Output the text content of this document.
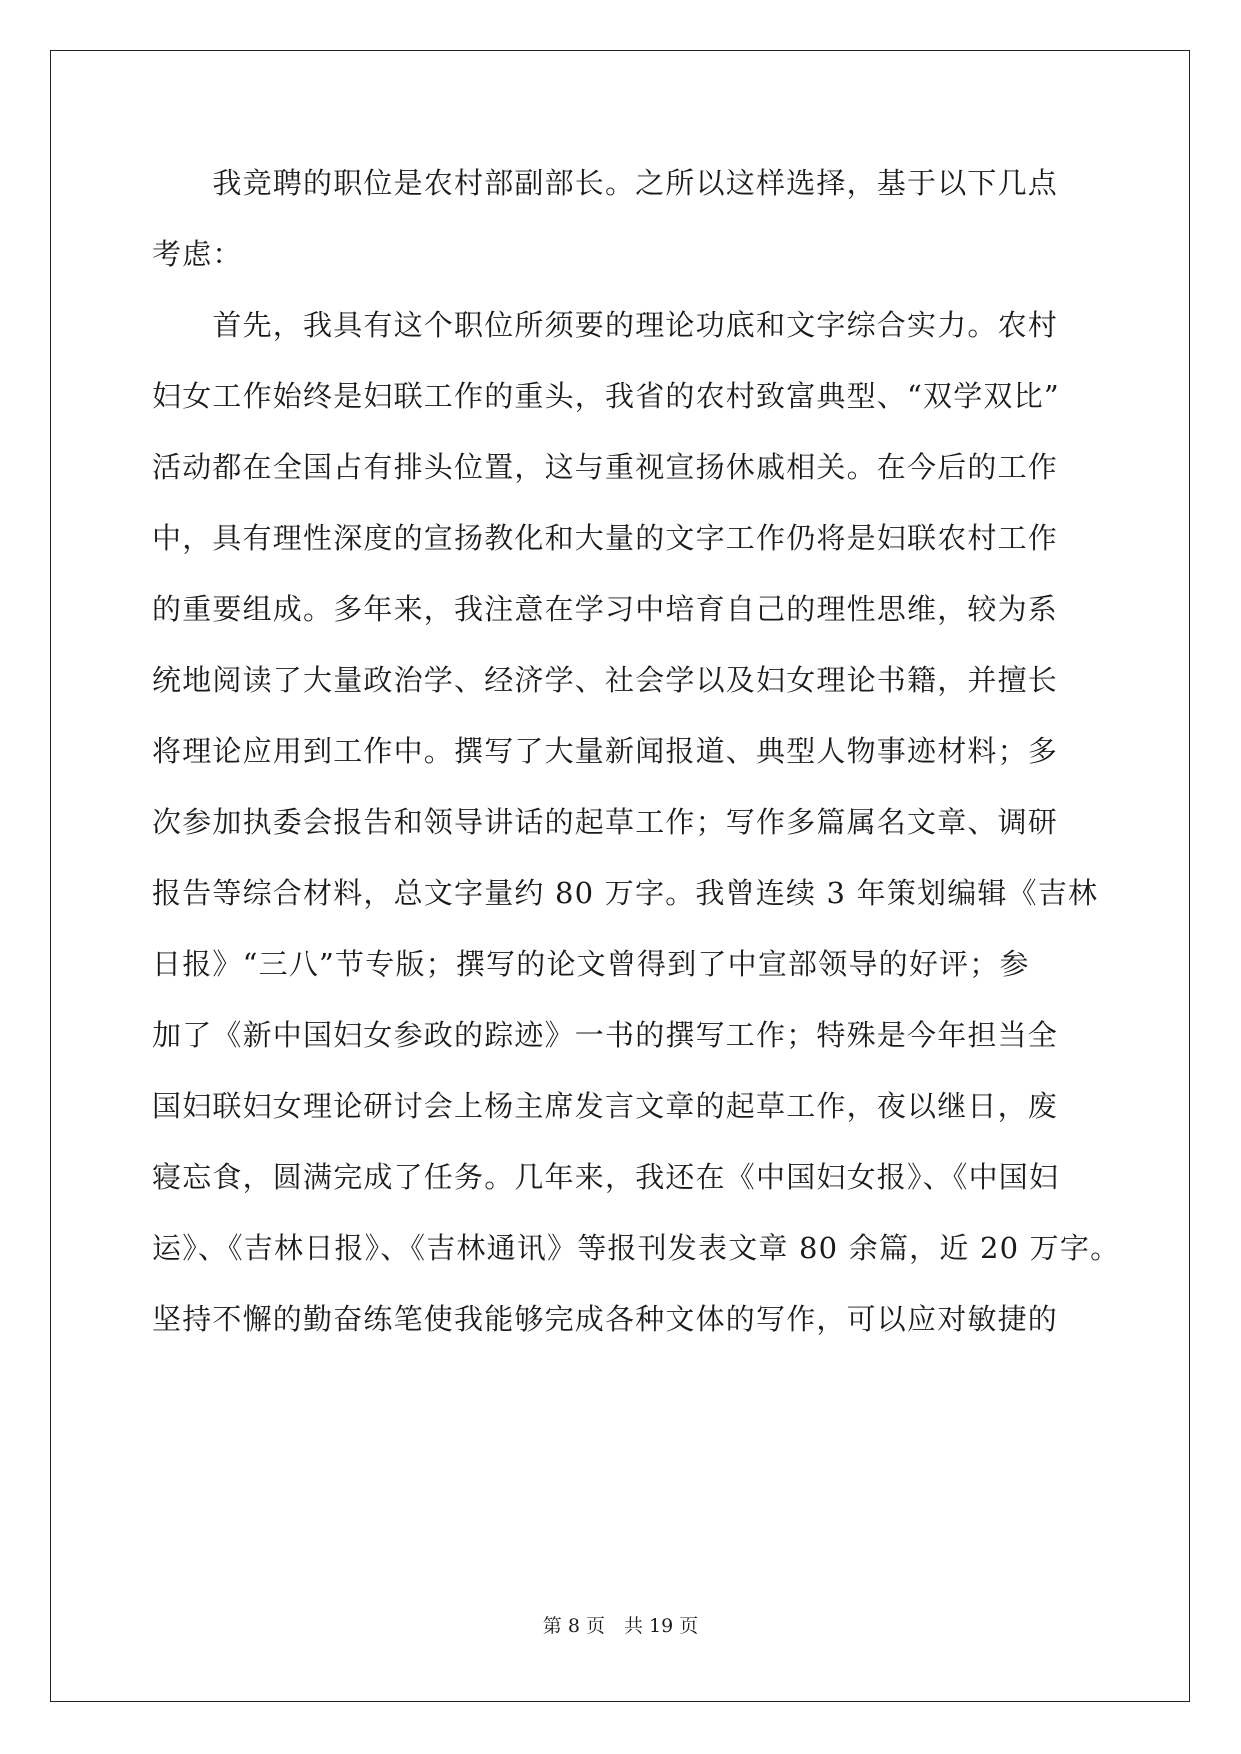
　　我竞聘的职位是农村部副部长。之所以这样选择，基于以下几点
考虑：
　　首先，我具有这个职位所须要的理论功底和文字综合实力。农村
妇女工作始终是妇联工作的重头，我省的农村致富典型、“双学双比”
活动都在全国占有排头位置，这与重视宣扬休戚相关。在今后的工作
中，具有理性深度的宣扬教化和大量的文字工作仍将是妇联农村工作
的重要组成。多年来，我注意在学习中培育自己的理性思维，较为系
统地阅读了大量政治学、经济学、社会学以及妇女理论书籍，并擅长
将理论应用到工作中。撰写了大量新闻报道、典型人物事迹材料；多
次参加执委会报告和领导讲话的起草工作；写作多篇属名文章、调研
报告等综合材料，总文字量约 80 万字。我曾连续 3 年策划编辑《吉林
日报》“三八”节专版；撰写的论文曾得到了中宣部领导的好评；参
加了《新中国妇女参政的踪迹》一书的撰写工作；特殊是今年担当全
国妇联妇女理论研讨会上杨主席发言文章的起草工作，夜以继日，废
寝忘食，圆满完成了任务。几年来，我还在《中国妇女报》、《中国妇
运》、《吉林日报》、《吉林通讯》等报刊发表文章 80 余篇，近 20 万字。
坚持不懈的勤奋练笔使我能够完成各种文体的写作，可以应对敏捷的
第 8 页　共 19 页
